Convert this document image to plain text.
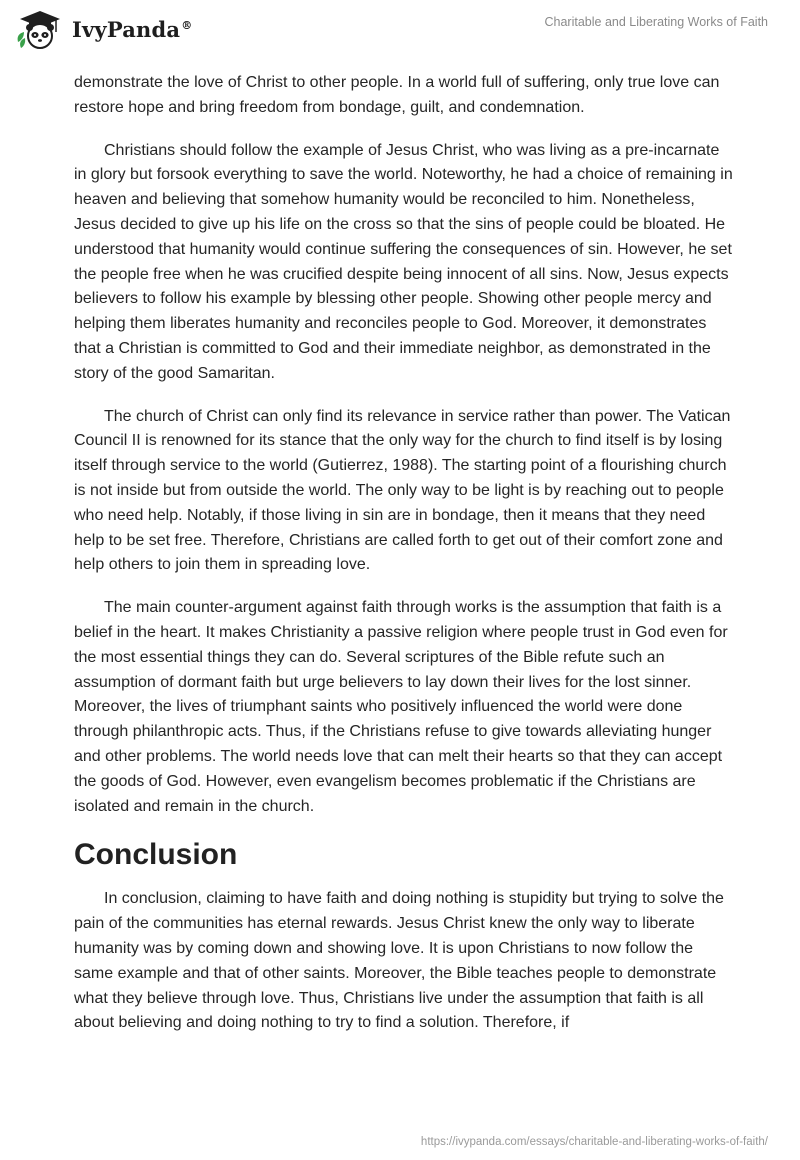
IvyPanda®	Charitable and Liberating Works of Faith

demonstrate the love of Christ to other people. In a world full of suffering, only true love can restore hope and bring freedom from bondage, guilt, and condemnation.

Christians should follow the example of Jesus Christ, who was living as a pre-incarnate in glory but forsook everything to save the world. Noteworthy, he had a choice of remaining in heaven and believing that somehow humanity would be reconciled to him. Nonetheless, Jesus decided to give up his life on the cross so that the sins of people could be bloated. He understood that humanity would continue suffering the consequences of sin. However, he set the people free when he was crucified despite being innocent of all sins. Now, Jesus expects believers to follow his example by blessing other people. Showing other people mercy and helping them liberates humanity and reconciles people to God. Moreover, it demonstrates that a Christian is committed to God and their immediate neighbor, as demonstrated in the story of the good Samaritan.

The church of Christ can only find its relevance in service rather than power. The Vatican Council II is renowned for its stance that the only way for the church to find itself is by losing itself through service to the world (Gutierrez, 1988). The starting point of a flourishing church is not inside but from outside the world. The only way to be light is by reaching out to people who need help. Notably, if those living in sin are in bondage, then it means that they need help to be set free. Therefore, Christians are called forth to get out of their comfort zone and help others to join them in spreading love.

The main counter-argument against faith through works is the assumption that faith is a belief in the heart. It makes Christianity a passive religion where people trust in God even for the most essential things they can do. Several scriptures of the Bible refute such an assumption of dormant faith but urge believers to lay down their lives for the lost sinner. Moreover, the lives of triumphant saints who positively influenced the world were done through philanthropic acts. Thus, if the Christians refuse to give towards alleviating hunger and other problems. The world needs love that can melt their hearts so that they can accept the goods of God. However, even evangelism becomes problematic if the Christians are isolated and remain in the church.

Conclusion

In conclusion, claiming to have faith and doing nothing is stupidity but trying to solve the pain of the communities has eternal rewards. Jesus Christ knew the only way to liberate humanity was by coming down and showing love. It is upon Christians to now follow the same example and that of other saints. Moreover, the Bible teaches people to demonstrate what they believe through love. Thus, Christians live under the assumption that faith is all about believing and doing nothing to try to find a solution. Therefore, if

https://ivypanda.com/essays/charitable-and-liberating-works-of-faith/
